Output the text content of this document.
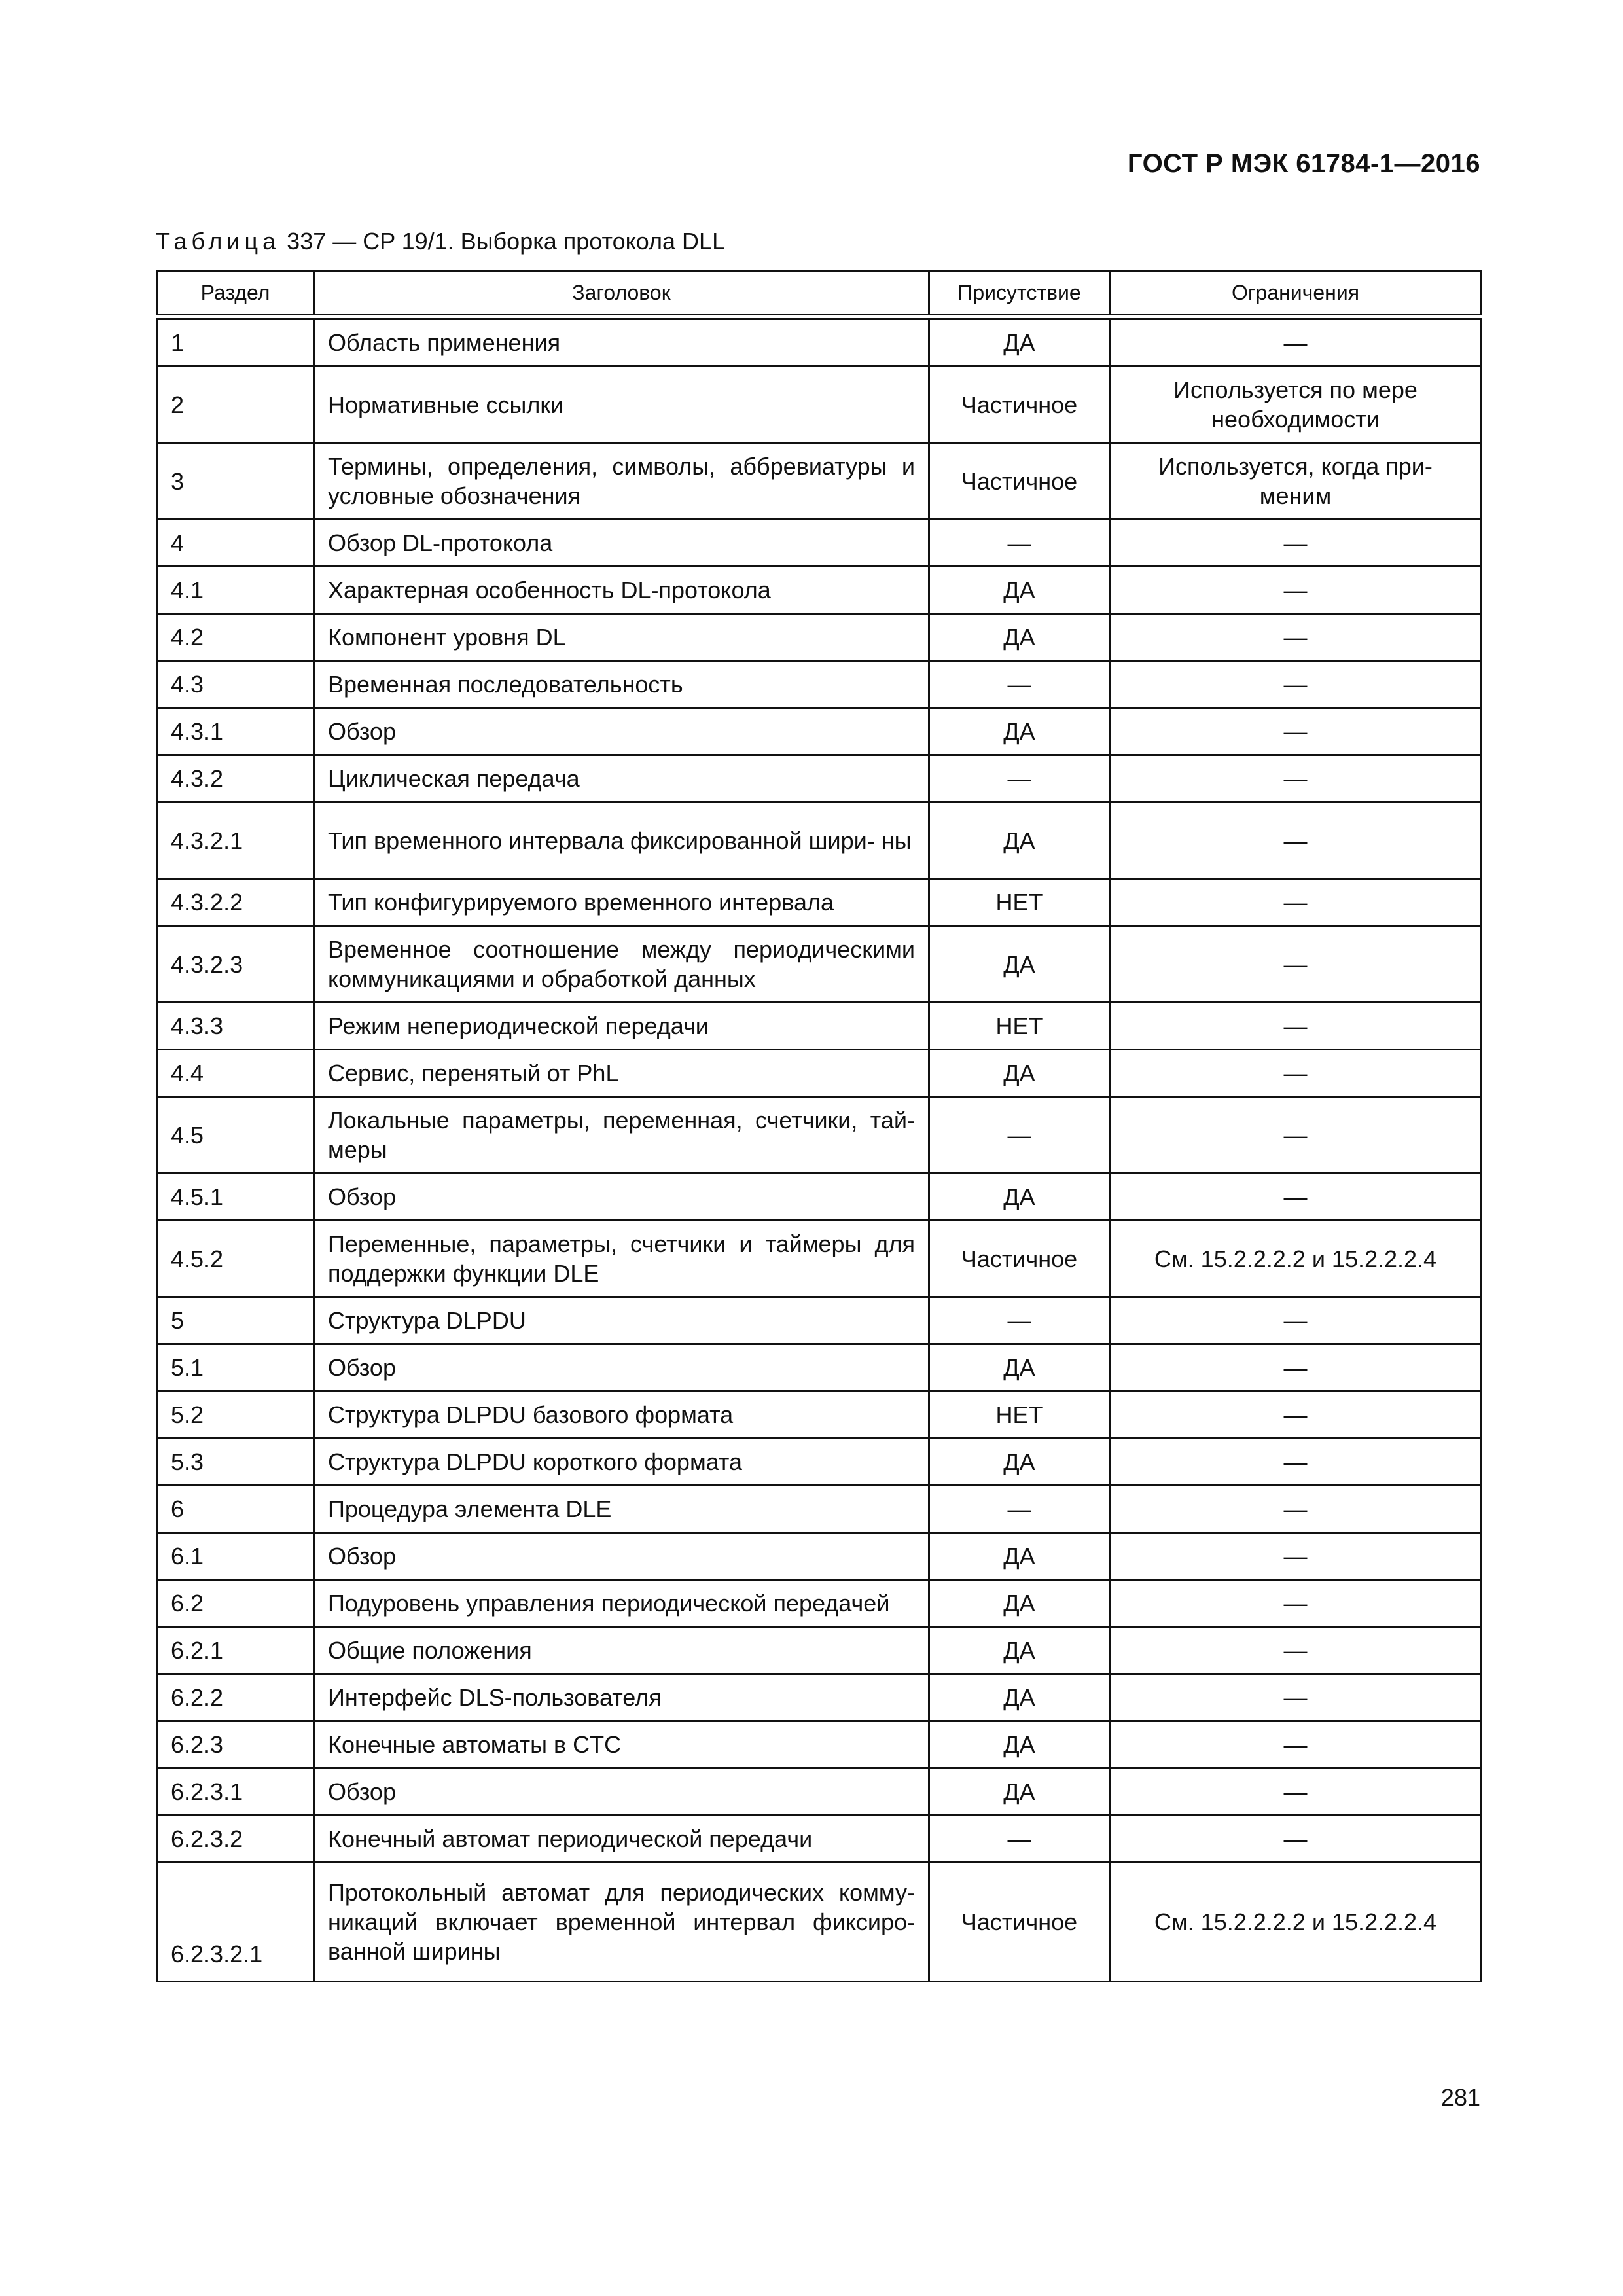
ГОСТ Р МЭК 61784-1—2016
Таблица 337 — CP 19/1. Выборка протокола DLL
Раздел	Заголовок	Присутствие	Ограничения
1	Область применения	ДА	—
2	Нормативные ссылки	Частичное	Используется по мере необходимости
3	Термины, определения, символы, аббревиатуры и условные обозначения	Частичное	Используется, когда при- меним
4	Обзор DL-протокола	—	—
4.1	Характерная особенность DL-протокола	ДА	—
4.2	Компонент уровня DL	ДА	—
4.3	Временная последовательность	—	—
4.3.1	Обзор	ДА	—
4.3.2	Циклическая передача	—	—
4.3.2.1	Тип временного интервала фиксированной шири- ны	ДА	—
4.3.2.2	Тип конфигурируемого временного интервала	НЕТ	—
4.3.2.3	Временное соотношение между периодическими коммуникациями и обработкой данных	ДА	—
4.3.3	Режим непериодической передачи	НЕТ	—
4.4	Сервис, перенятый от PhL	ДА	—
4.5	Локальные параметры, переменная, счетчики, тай- меры	—	—
4.5.1	Обзор	ДА	—
4.5.2	Переменные, параметры, счетчики и таймеры для поддержки функции DLE	Частичное	См. 15.2.2.2.2 и 15.2.2.2.4
5	Структура DLPDU	—	—
5.1	Обзор	ДА	—
5.2	Структура DLPDU базового формата	НЕТ	—
5.3	Структура DLPDU короткого формата	ДА	—
6	Процедура элемента DLE	—	—
6.1	Обзор	ДА	—
6.2	Подуровень управления периодической передачей	ДА	—
6.2.1	Общие положения	ДА	—
6.2.2	Интерфейс DLS-пользователя	ДА	—
6.2.3	Конечные автоматы в CTC	ДА	—
6.2.3.1	Обзор	ДА	—
6.2.3.2	Конечный автомат периодической передачи	—	—
6.2.3.2.1	Протокольный автомат для периодических комму- никаций включает временной интервал фиксиро- ванной ширины	Частичное	См. 15.2.2.2.2 и 15.2.2.2.4
281
